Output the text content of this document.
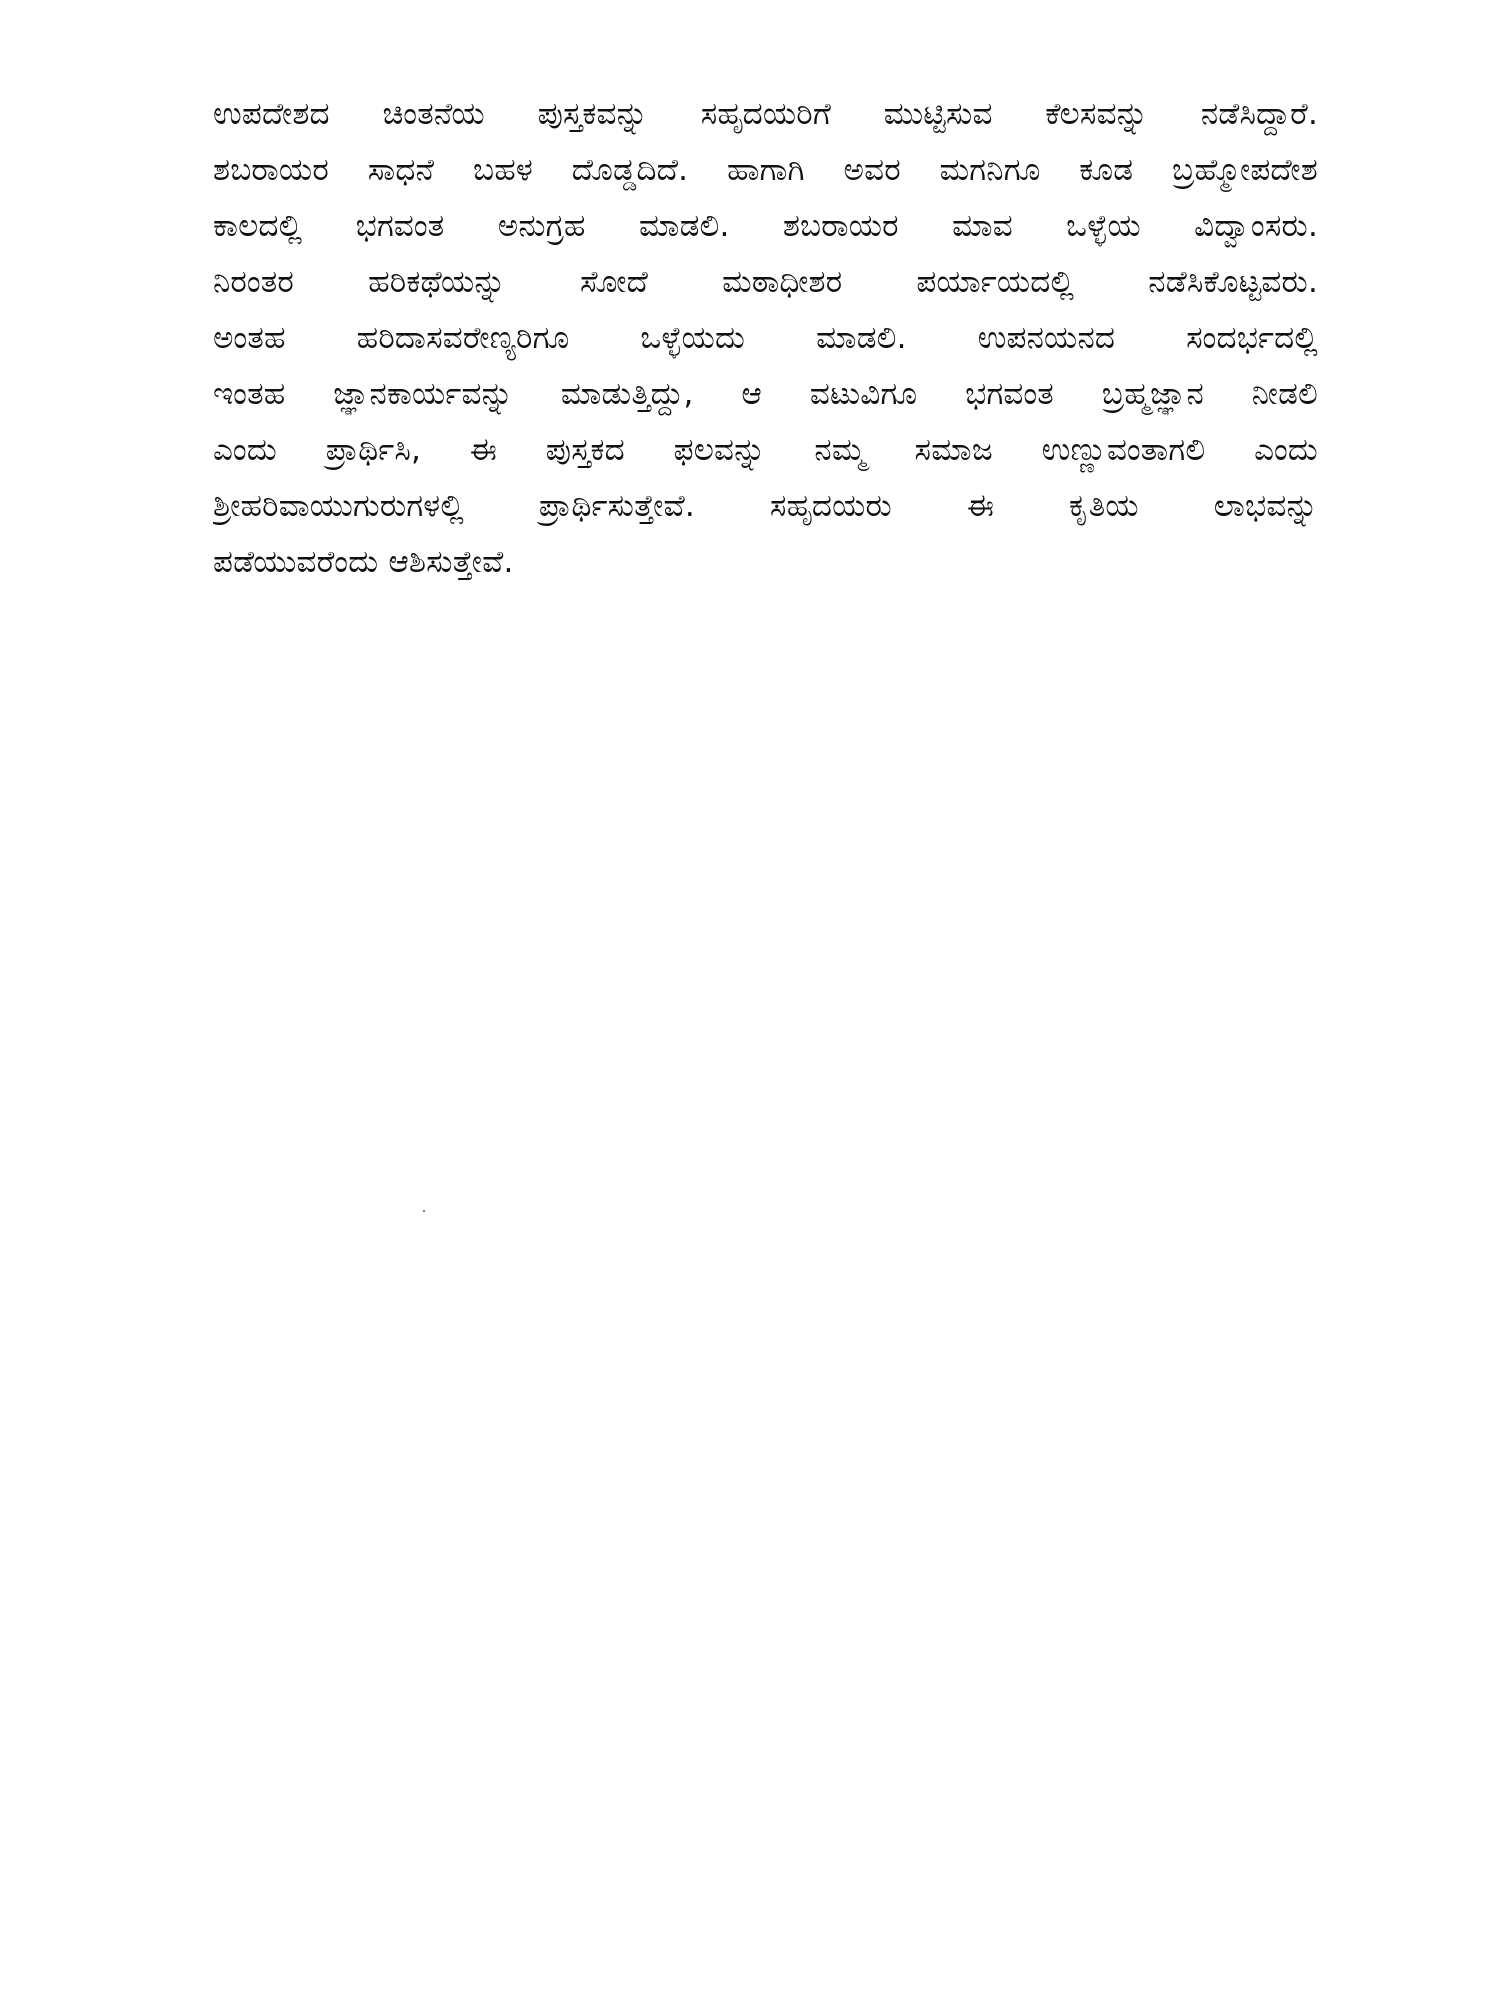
ಉಪದೇಶದ ಚಿಂತನೆಯ ಪುಸ್ತಕವನ್ನು ಸಹೃದಯರಿಗೆ ಮುಟ್ಟಿಸುವ ಕೆಲಸವನ್ನು ನಡೆಸಿದ್ದಾರೆ.
ಶಬರಾಯರ ಸಾಧನೆ ಬಹಳ ದೊಡ್ಡದಿದೆ. ಹಾಗಾಗಿ ಅವರ ಮಗನಿಗೂ ಕೂಡ ಬ್ರಹ್ಮೋಪದೇಶ
ಕಾಲದಲ್ಲಿ ಭಗವಂತ ಅನುಗ್ರಹ ಮಾಡಲಿ. ಶಬರಾಯರ ಮಾವ ಒಳ್ಳೆಯ ವಿದ್ವಾಂಸರು.
ನಿರಂತರ ಹರಿಕಥೆಯನ್ನು ಸೋದೆ ಮಠಾಧೀಶರ ಪರ್ಯಾಯದಲ್ಲಿ ನಡೆಸಿಕೊಟ್ಟವರು.
ಅಂತಹ ಹರಿದಾಸವರೇಣ್ಯರಿಗೂ ಒಳ್ಳೆಯದು ಮಾಡಲಿ. ಉಪನಯನದ ಸಂದರ್ಭದಲ್ಲಿ
ಇಂತಹ ಜ್ಞಾನಕಾರ್ಯವನ್ನು ಮಾಡುತ್ತಿದ್ದು, ಆ ವಟುವಿಗೂ ಭಗವಂತ ಬ್ರಹ್ಮಜ್ಞಾನ ನೀಡಲಿ
ಎಂದು ಪ್ರಾರ್ಥಿಸಿ, ಈ ಪುಸ್ತಕದ ಫಲವನ್ನು ನಮ್ಮ ಸಮಾಜ ಉಣ್ಣುವಂತಾಗಲಿ ಎಂದು
ಶ್ರೀಹರಿವಾಯುಗುರುಗಳಲ್ಲಿ ಪ್ರಾರ್ಥಿಸುತ್ತೇವೆ. ಸಹೃದಯರು ಈ ಕೃತಿಯ ಲಾಭವನ್ನು
ಪಡೆಯುವರೆಂದು ಆಶಿಸುತ್ತೇವೆ.
